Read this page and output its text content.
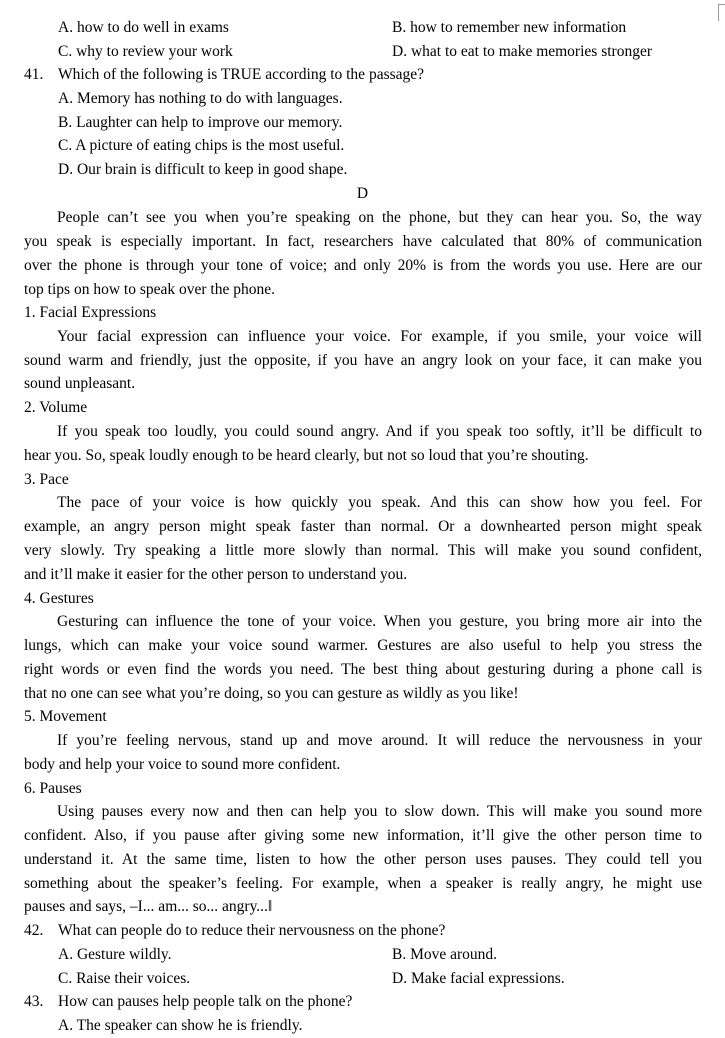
A. how to do well in exams	B. how to remember new information
C. why to review your work	D. what to eat to make memories stronger
41. Which of the following is TRUE according to the passage?
A. Memory has nothing to do with languages.
B. Laughter can help to improve our memory.
C. A picture of eating chips is the most useful.
D. Our brain is difficult to keep in good shape.
D
People can’t see you when you’re speaking on the phone, but they can hear you. So, the way
you speak is especially important. In fact, researchers have calculated that 80% of communication
over the phone is through your tone of voice; and only 20% is from the words you use. Here are our
top tips on how to speak over the phone.
1. Facial Expressions
Your facial expression can influence your voice. For example, if you smile, your voice will
sound warm and friendly, just the opposite, if you have an angry look on your face, it can make you
sound unpleasant.
2. Volume
If you speak too loudly, you could sound angry. And if you speak too softly, it’ll be difficult to
hear you. So, speak loudly enough to be heard clearly, but not so loud that you’re shouting.
3. Pace
The pace of your voice is how quickly you speak. And this can show how you feel. For
example, an angry person might speak faster than normal. Or a downhearted person might speak
very slowly. Try speaking a little more slowly than normal. This will make you sound confident,
and it’ll make it easier for the other person to understand you.
4. Gestures
Gesturing can influence the tone of your voice. When you gesture, you bring more air into the
lungs, which can make your voice sound warmer. Gestures are also useful to help you stress the
right words or even find the words you need. The best thing about gesturing during a phone call is
that no one can see what you’re doing, so you can gesture as wildly as you like!
5. Movement
If you’re feeling nervous, stand up and move around. It will reduce the nervousness in your
body and help your voice to sound more confident.
6. Pauses
Using pauses every now and then can help you to slow down. This will make you sound more
confident. Also, if you pause after giving some new information, it’ll give the other person time to
understand it. At the same time, listen to how the other person uses pauses. They could tell you
something about the speaker’s feeling. For example, when a speaker is really angry, he might use
pauses and says, –I... am... so... angry...‖
42. What can people do to reduce their nervousness on the phone?
A. Gesture wildly.	B. Move around.
C. Raise their voices.	D. Make facial expressions.
43. How can pauses help people talk on the phone?
A. The speaker can show he is friendly.
